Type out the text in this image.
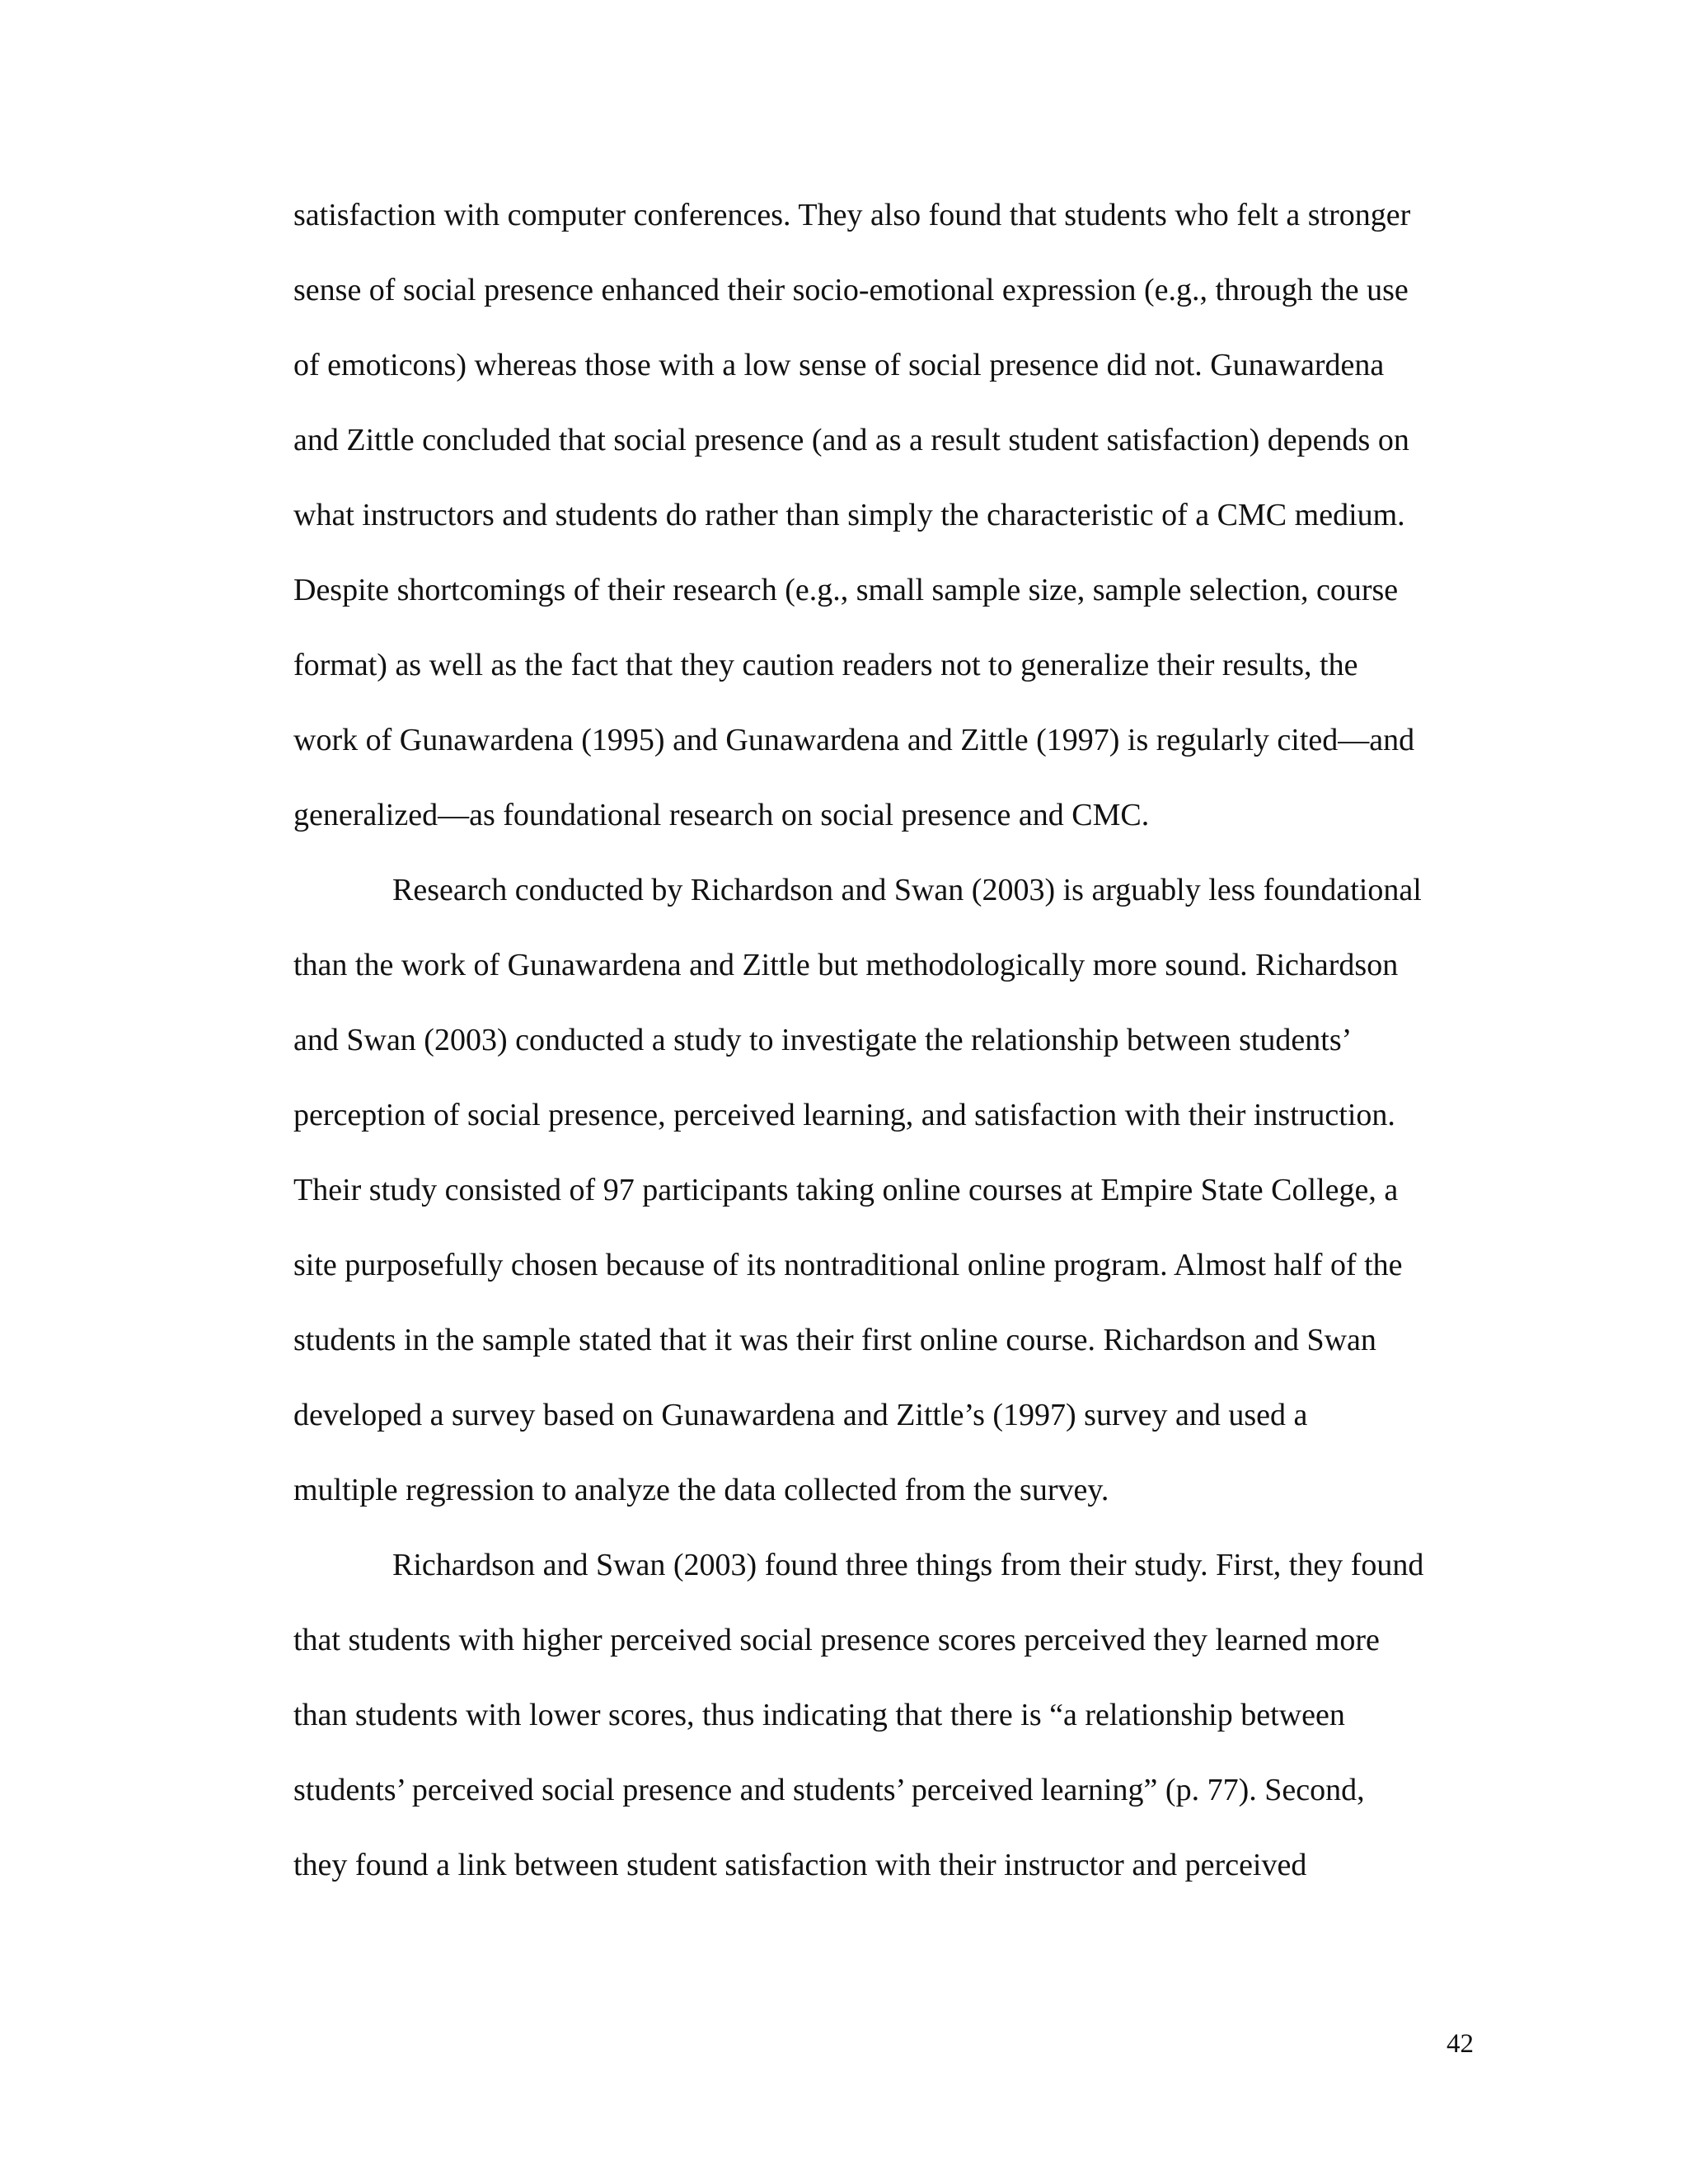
satisfaction with computer conferences. They also found that students who felt a stronger
sense of social presence enhanced their socio-emotional expression (e.g., through the use
of emoticons) whereas those with a low sense of social presence did not. Gunawardena
and Zittle concluded that social presence (and as a result student satisfaction) depends on
what instructors and students do rather than simply the characteristic of a CMC medium.
Despite shortcomings of their research (e.g., small sample size, sample selection, course
format) as well as the fact that they caution readers not to generalize their results, the
work of Gunawardena (1995) and Gunawardena and Zittle (1997) is regularly cited—and
generalized—as foundational research on social presence and CMC.
Research conducted by Richardson and Swan (2003) is arguably less foundational
than the work of Gunawardena and Zittle but methodologically more sound. Richardson
and Swan (2003) conducted a study to investigate the relationship between students’
perception of social presence, perceived learning, and satisfaction with their instruction.
Their study consisted of 97 participants taking online courses at Empire State College, a
site purposefully chosen because of its nontraditional online program. Almost half of the
students in the sample stated that it was their first online course. Richardson and Swan
developed a survey based on Gunawardena and Zittle’s (1997) survey and used a
multiple regression to analyze the data collected from the survey.
Richardson and Swan (2003) found three things from their study. First, they found
that students with higher perceived social presence scores perceived they learned more
than students with lower scores, thus indicating that there is “a relationship between
students’ perceived social presence and students’ perceived learning” (p. 77). Second,
they found a link between student satisfaction with their instructor and perceived
42
